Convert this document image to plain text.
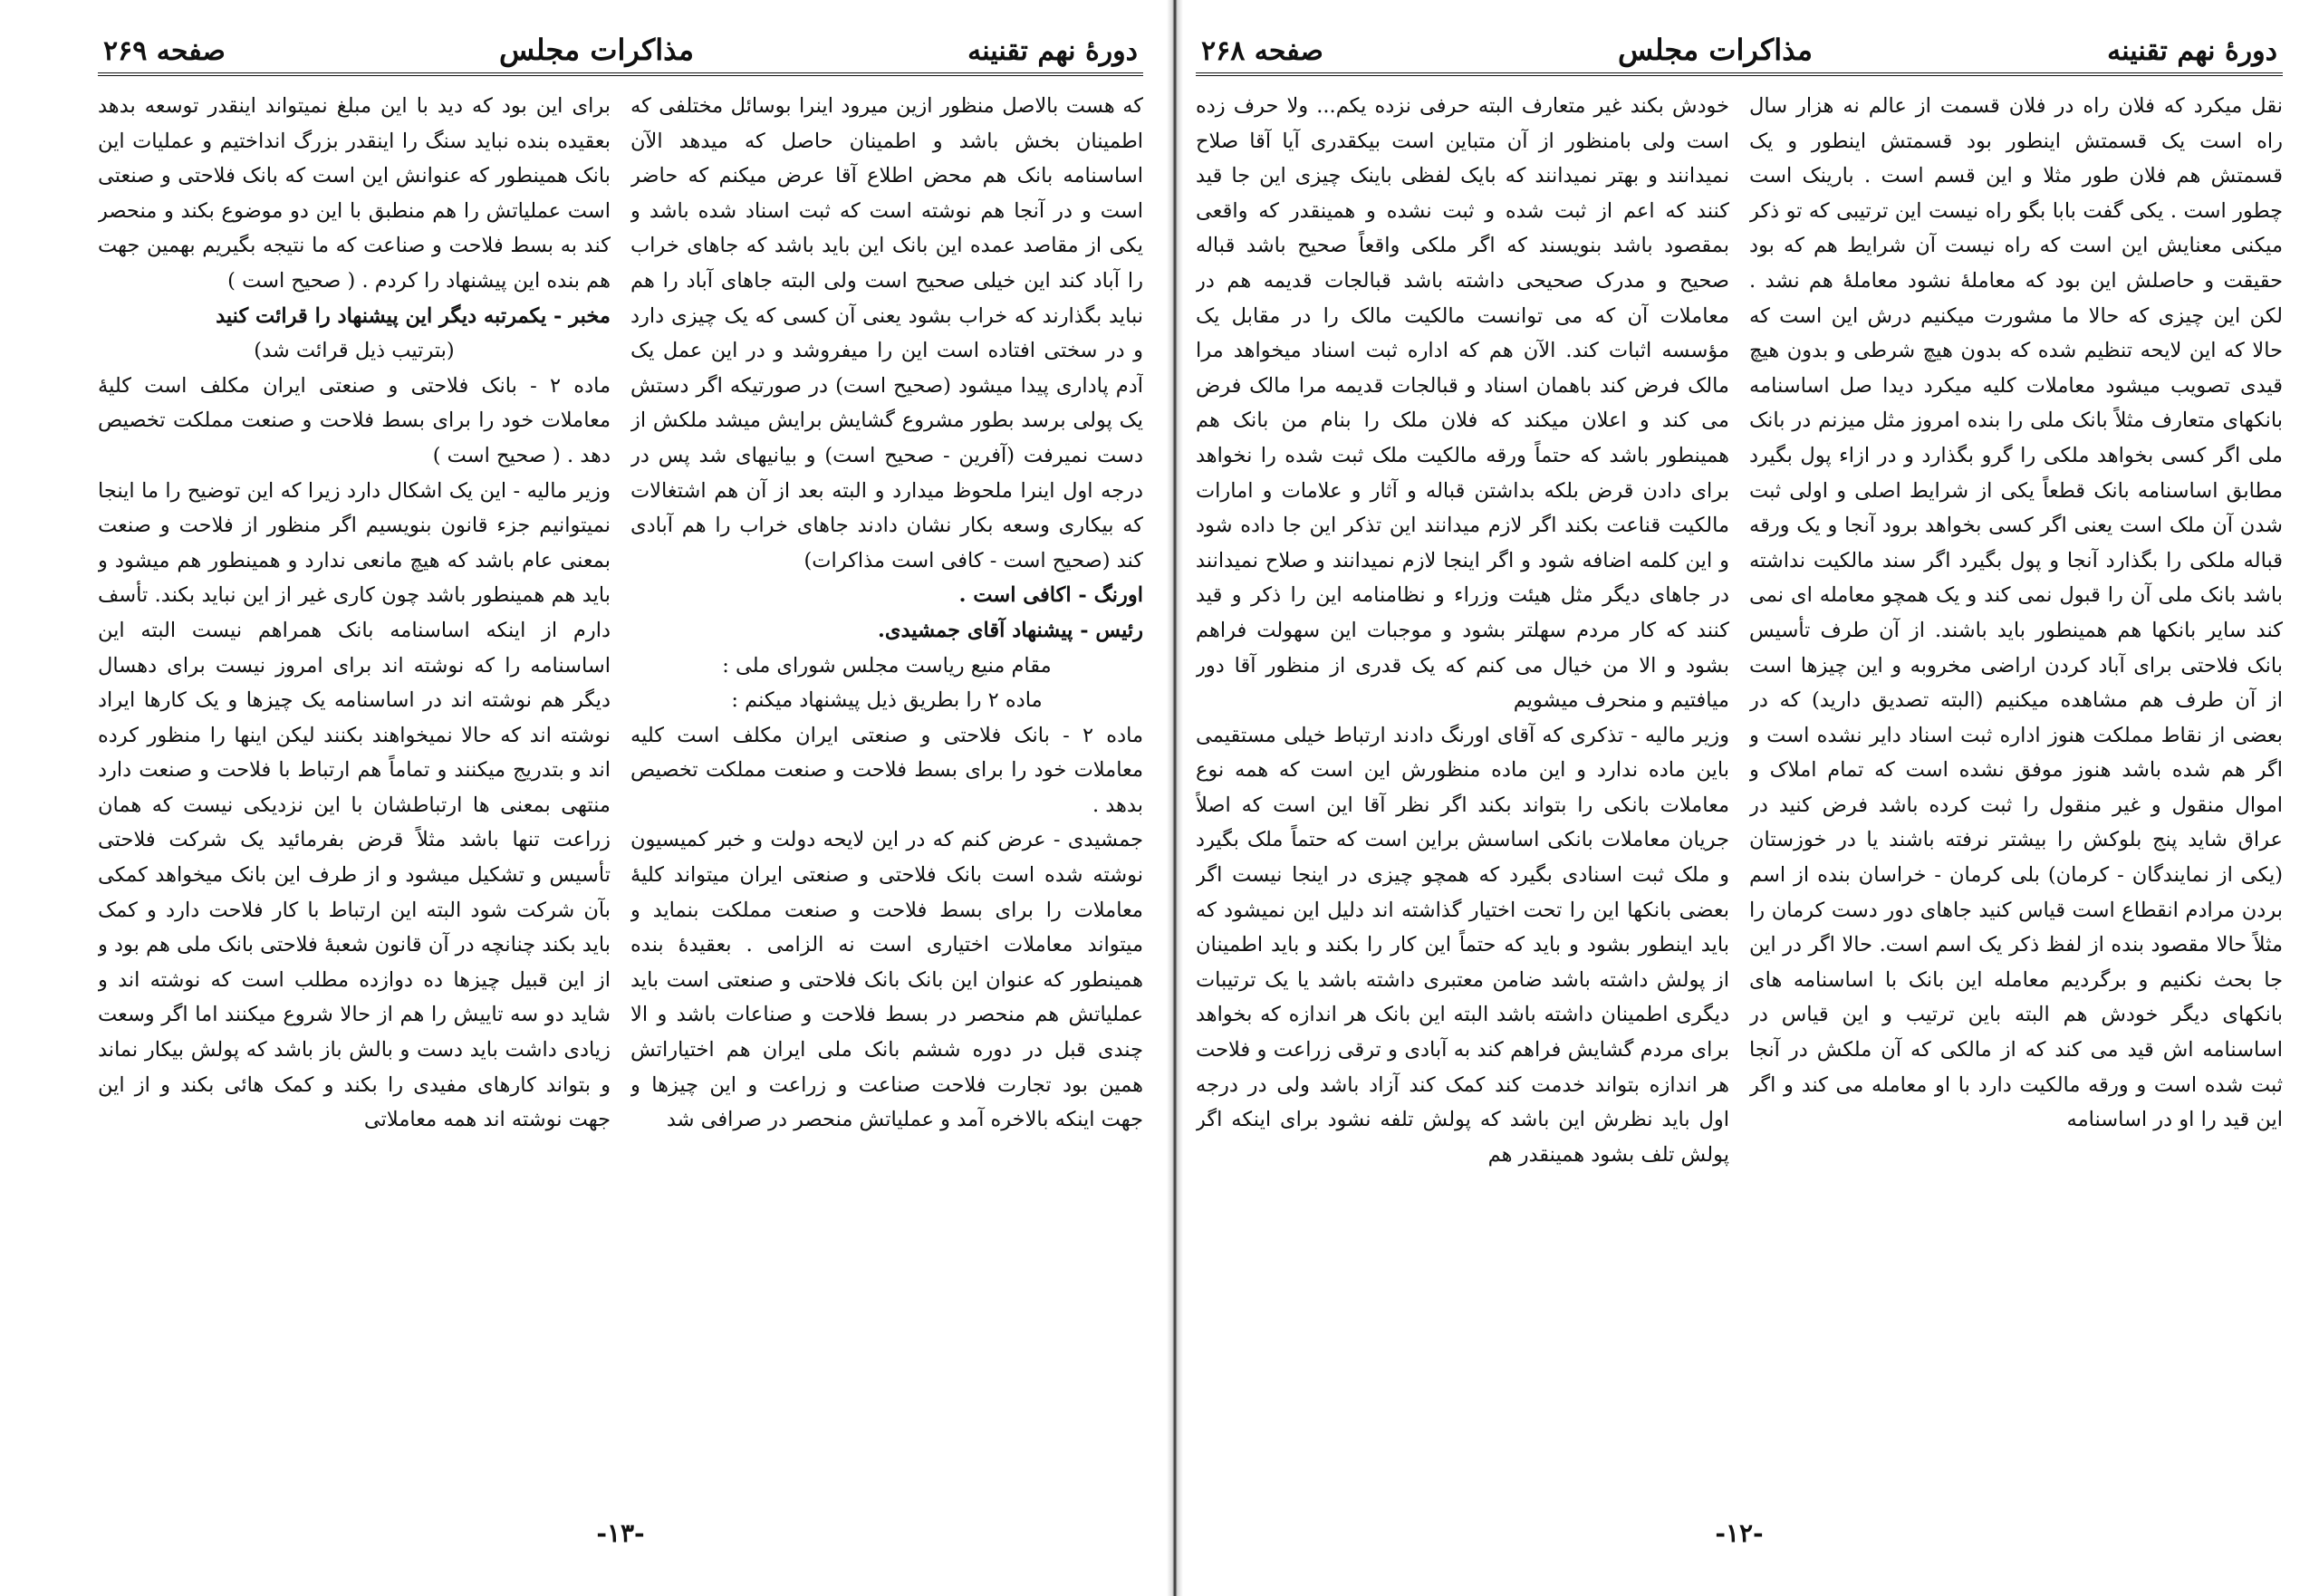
دورهٔ نهم تقنینه
مذاکرات مجلس
صفحه ۲۶۹

که هست بالاصل منظور ازین میرود اینرا بوسائل مختلفی که اطمینان بخش باشد و اطمینان حاصل که میدهد الآن اساسنامه بانک هم محض اطلاع آقا عرض میکنم که حاضر است و در آنجا هم نوشته است که ثبت اسناد شده باشد و یکی از مقاصد عمده این بانک این باید باشد که جاهای خراب را آباد کند این خیلی صحیح است ولی البته جاهای آباد را هم نباید بگذارند که خراب بشود یعنی آن کسی که یک چیزی دارد و در سختی افتاده است این را میفروشد و در این عمل یک آدم پاداری پیدا میشود (صحیح است) در صورتیکه اگر دستش یک پولی برسد بطور مشروع گشایش برایش میشد ملکش از دست نمیرفت (آفرین - صحیح است) و بیانیهای شد پس در درجه اول اینرا ملحوظ میدارد و البته بعد از آن هم اشتغالات که بیکاری وسعه بکار نشان دادند جاهای خراب را هم آبادی کند (صحیح است - کافی است مذاکرات)

اورنگ - اکافی است .

رئیس - پیشنهاد آقای جمشیدی.

مقام منیع ریاست مجلس شورای ملی :

ماده ۲ را بطریق ذیل پیشنهاد میکنم :

ماده ۲ - بانک فلاحتی و صنعتی ایران مکلف است کلیه معاملات خود را برای بسط فلاحت و صنعت مملکت تخصیص بدهد .

جمشیدی - عرض کنم که در این لایحه دولت و خبر کمیسیون نوشته شده است بانک فلاحتی و صنعتی ایران میتواند کلیهٔ معاملات را برای بسط فلاحت و صنعت مملکت بنماید و میتواند معاملات اختیاری است نه الزامی . بعقیدهٔ بنده همینطور که عنوان این بانک بانک فلاحتی و صنعتی است باید عملیاتش هم منحصر در بسط فلاحت و صناعات باشد و الا چندی قبل در دوره ششم بانک ملی ایران هم اختیاراتش همین بود تجارت فلاحت صناعت و زراعت و این چیزها و جهت اینکه بالاخره آمد و عملیاتش منحصر در صرافی شد

برای این بود که دید با این مبلغ نمیتواند اینقدر توسعه بدهد بعقیده بنده نباید سنگ را اینقدر بزرگ انداختیم و عملیات این بانک همینطور که عنوانش این است که بانک فلاحتی و صنعتی است عملیاتش را هم منطبق با این دو موضوع بکند و منحصر کند به بسط فلاحت و صناعت که ما نتیجه بگیریم بهمین جهت هم بنده این پیشنهاد را کردم . ( صحیح است )

مخبر - یکمرتبه دیگر این پیشنهاد را قرائت کنید

(بترتیب ذیل قرائت شد)

ماده ۲ - بانک فلاحتی و صنعتی ایران مکلف است کلیهٔ معاملات خود را برای بسط فلاحت و صنعت مملکت تخصیص دهد . ( صحیح است )

وزیر مالیه - این یک اشکال دارد زیرا که این توضیح را ما اینجا نمیتوانیم جزء قانون بنویسیم اگر منظور از فلاحت و صنعت بمعنی عام باشد که هیچ مانعی ندارد و همینطور هم میشود و باید هم همینطور باشد چون کاری غیر از این نباید بکند. تأسف دارم از اینکه اساسنامه بانک همراهم نیست البته این اساسنامه را که نوشته اند برای امروز نیست برای دهسال دیگر هم نوشته اند در اساسنامه یک چیزها و یک کارها ایراد نوشته اند که حالا نمیخواهند بکنند لیکن اینها را منظور کرده اند و بتدریج میکنند و تماماً هم ارتباط با فلاحت و صنعت دارد منتهی بمعنی ها ارتباطشان با این نزدیکی نیست که همان زراعت تنها باشد مثلاً قرض بفرمائید یک شرکت فلاحتی تأسیس و تشکیل میشود و از طرف این بانک میخواهد کمکی بآن شرکت شود البته این ارتباط با کار فلاحت دارد و کمک باید بکند چنانچه در آن قانون شعبهٔ فلاحتی بانک ملی هم بود و از این قبیل چیزها ده دوازده مطلب است که نوشته اند و شاید دو سه تاییش را هم از حالا شروع میکنند اما اگر وسعت زیادی داشت باید دست و بالش باز باشد که پولش بیکار نماند و بتواند کارهای مفیدی را بکند و کمک هائی بکند و از این جهت نوشته اند همه معاملاتی

-۱۳-
دورهٔ نهم تقنینه
مذاکرات مجلس
صفحه ۲۶۸

نقل میکرد که فلان راه در فلان قسمت از عالم نه هزار سال راه است یک قسمتش اینطور بود قسمتش اینطور و یک قسمتش هم فلان طور مثلا و این قسم است . بارینک است چطور است . یکی گفت بابا بگو راه نیست این ترتیبی که تو ذکر میکنی معنایش این است که راه نیست آن شرایط هم که بود حقیقت و حاصلش این بود که معاملهٔ نشود معاملهٔ هم نشد . لکن این چیزی که حالا ما مشورت میکنیم درش این است که حالا که این لایحه تنظیم شده که بدون هیچ شرطی و بدون هیچ قیدی تصویب میشود معاملات کلیه میکرد دیدا صل اساسنامه بانکهای متعارف مثلاً بانک ملی را بنده امروز مثل میزنم در بانک ملی اگر کسی بخواهد ملکی را گرو بگذارد و در ازاء پول بگیرد مطابق اساسنامه بانک قطعاً یکی از شرایط اصلی و اولی ثبت شدن آن ملک است یعنی اگر کسی بخواهد برود آنجا و یک ورقه قباله ملکی را بگذارد آنجا و پول بگیرد اگر سند مالکیت نداشته باشد بانک ملی آن را قبول نمی کند و یک همچو معامله ای نمی کند سایر بانکها هم همینطور باید باشند. از آن طرف تأسیس بانک فلاحتی برای آباد کردن اراضی مخروبه و این چیزها است از آن طرف هم مشاهده میکنیم (البته تصدیق دارید) که در بعضی از نقاط مملکت هنوز اداره ثبت اسناد دایر نشده است و اگر هم شده باشد هنوز موفق نشده است که تمام املاک و اموال منقول و غیر منقول را ثبت کرده باشد فرض کنید در عراق شاید پنج بلوکش را بیشتر نرفته باشند یا در خوزستان (یکی از نمایندگان - کرمان) بلی کرمان - خراسان بنده از اسم بردن مرادم انقطاع است قیاس کنید جاهای دور دست کرمان را مثلاً حالا مقصود بنده از لفظ ذکر یک اسم است. حالا اگر در این جا بحث نکنیم و برگردیم معامله این بانک با اساسنامه های بانکهای دیگر خودش هم البته باین ترتیب و این قیاس در اساسنامه اش قید می کند که از مالکی که آن ملکش در آنجا ثبت شده است و ورقه مالکیت دارد با او معامله می کند و اگر این قید را او در اساسنامه

خودش بکند غیر متعارف البته حرفی نزده یکم... ولا حرف زده است ولی بامنظور از آن متباین است بیکقدری آیا آقا صلاح نمیدانند و بهتر نمیدانند که بایک لفظی باینک چیزی این جا قید کنند که اعم از ثبت شده و ثبت نشده و همینقدر که واقعی بمقصود باشد بنویسند که اگر ملکی واقعاً صحیح باشد قباله صحیح و مدرک صحیحی داشته باشد قبالجات قدیمه هم در معاملات آن که می توانست مالکیت مالک را در مقابل یک مؤسسه اثبات کند. الآن هم که اداره ثبت اسناد میخواهد مرا مالک فرض کند باهمان اسناد و قبالجات قدیمه مرا مالک فرض می کند و اعلان میکند که فلان ملک را بنام من بانک هم همینطور باشد که حتماً ورقه مالکیت ملک ثبت شده را نخواهد برای دادن قرض بلکه بداشتن قباله و آثار و علامات و امارات مالکیت قناعت بکند اگر لازم میدانند این تذکر این جا داده شود و این کلمه اضافه شود و اگر اینجا لازم نمیدانند و صلاح نمیدانند در جاهای دیگر مثل هیئت وزراء و نظامنامه این را ذکر و قید کنند که کار مردم سهلتر بشود و موجبات این سهولت فراهم بشود و الا من خیال می کنم که یک قدری از منظور آقا دور میافتیم و منحرف میشویم

وزیر مالیه - تذکری که آقای اورنگ دادند ارتباط خیلی مستقیمی باین ماده ندارد و این ماده منظورش این است که همه نوع معاملات بانکی را بتواند بکند اگر نظر آقا این است که اصلاً جریان معاملات بانکی اساسش براین است که حتماً ملک بگیرد و ملک ثبت اسنادی بگیرد که همچو چیزی در اینجا نیست اگر بعضی بانکها این را تحت اختیار گذاشته اند دلیل این نمیشود که باید اینطور بشود و باید که حتماً این کار را بکند و باید اطمینان از پولش داشته باشد ضامن معتبری داشته باشد یا یک ترتیبات دیگری اطمینان داشته باشد البته این بانک هر اندازه که بخواهد برای مردم گشایش فراهم کند به آبادی و ترقی زراعت و فلاحت هر اندازه بتواند خدمت کند کمک کند آزاد باشد ولی در درجه اول باید نظرش این باشد که پولش تلفه نشود برای اینکه اگر پولش تلف بشود همینقدر هم

-۱۲-
